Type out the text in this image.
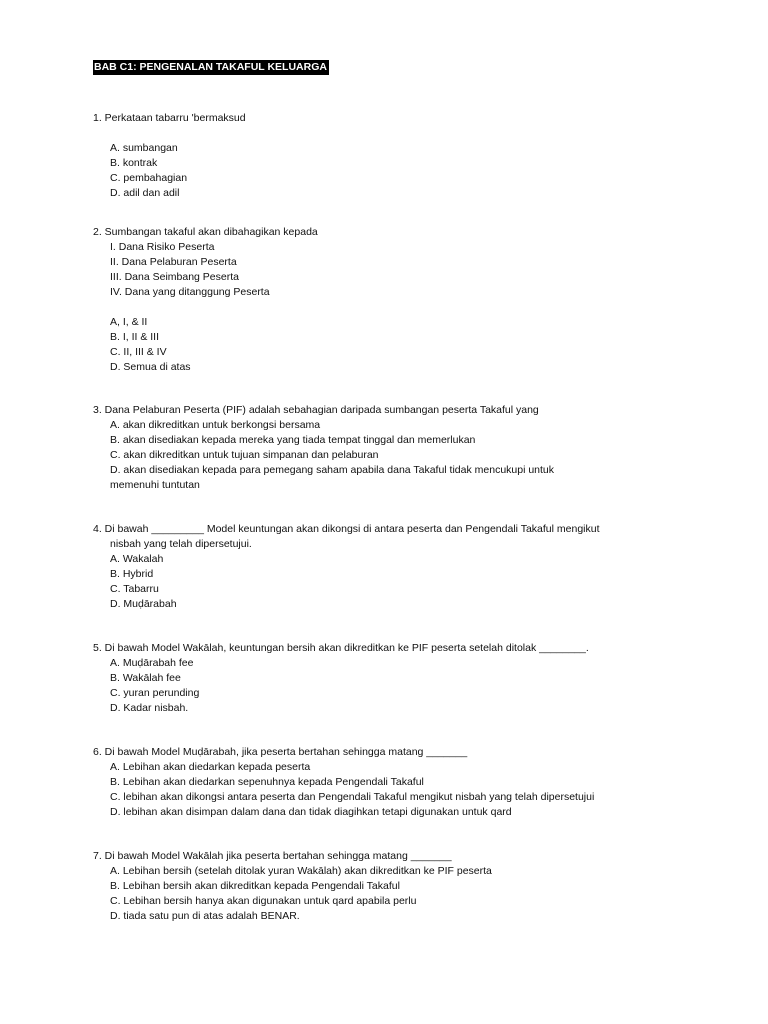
BAB C1: PENGENALAN TAKAFUL KELUARGA
1. Perkataan tabarru 'bermaksud
A. sumbangan
B. kontrak
C. pembahagian
D. adil dan adil
2. Sumbangan takaful akan dibahagikan kepada
I. Dana Risiko Peserta
II. Dana Pelaburan Peserta
III. Dana Seimbang Peserta
IV. Dana yang ditanggung Peserta
A, I, & II
B. I, II & III
C. II, III & IV
D. Semua di atas
3. Dana Pelaburan Peserta (PIF) adalah sebahagian daripada sumbangan peserta Takaful yang
A. akan dikreditkan untuk berkongsi bersama
B. akan disediakan kepada mereka yang tiada tempat tinggal dan memerlukan
C. akan dikreditkan untuk tujuan simpanan dan pelaburan
D. akan disediakan kepada para pemegang saham apabila dana Takaful tidak mencukupi untuk
memenuhi tuntutan
4. Di bawah _________ Model keuntungan akan dikongsi di antara peserta dan Pengendali Takaful mengikut
nisbah yang telah dipersetujui.
A. Wakalah
B. Hybrid
C. Tabarru
D. Muḍārabah
5. Di bawah Model Wakālah, keuntungan bersih akan dikreditkan ke PIF peserta setelah ditolak ________.
A. Muḍārabah fee
B. Wakālah fee
C. yuran perunding
D. Kadar nisbah.
6. Di bawah Model Muḍārabah, jika peserta bertahan sehingga matang _______
A. Lebihan akan diedarkan kepada peserta
B. Lebihan akan diedarkan sepenuhnya kepada Pengendali Takaful
C. lebihan akan dikongsi antara peserta dan Pengendali Takaful mengikut nisbah yang telah dipersetujui
D. lebihan akan disimpan dalam dana dan tidak diagihkan tetapi digunakan untuk qard
7. Di bawah Model Wakālah jika peserta bertahan sehingga matang _______
A. Lebihan bersih (setelah ditolak yuran Wakālah) akan dikreditkan ke PIF peserta
B. Lebihan bersih akan dikreditkan kepada Pengendali Takaful
C. Lebihan bersih hanya akan digunakan untuk qard apabila perlu
D. tiada satu pun di atas adalah BENAR.
